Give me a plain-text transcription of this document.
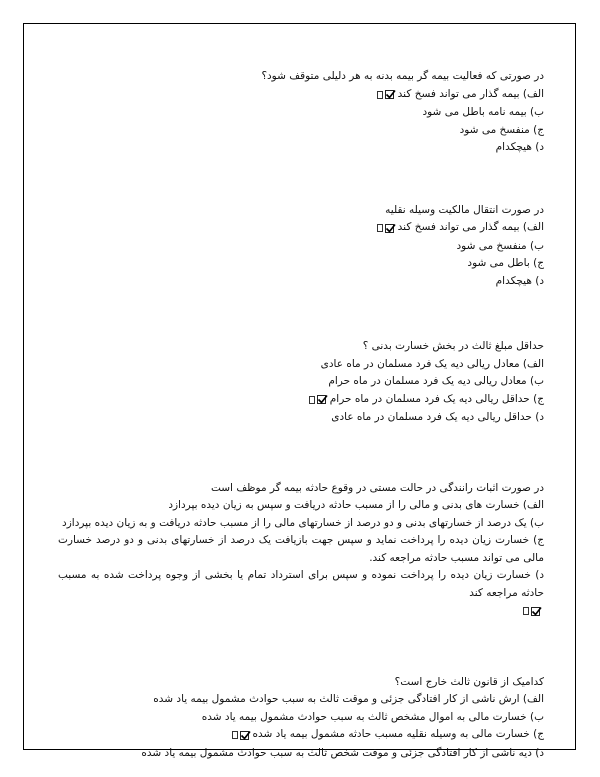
در صورتی که فعالیت بیمه گر بیمه بدنه به هر دلیلی متوقف شود؟
الف) بیمه گذار می تواند فسخ کند
ب) بیمه نامه باطل می شود
ج) منفسخ می شود
د) هیچکدام
در صورت انتقال مالکیت وسیله نقلیه
الف) بیمه گذار می تواند فسخ کند
ب) منفسخ می شود
ج) باطل می شود
د) هیچکدام
حداقل مبلغ ثالث در بخش خسارت بدنی ؟
الف) معادل ریالی دیه یک فرد مسلمان در ماه عادی
ب) معادل ریالی دیه یک فرد مسلمان در ماه حرام
ج) حداقل ریالی دیه یک فرد مسلمان در ماه حرام
د) حداقل ریالی دیه یک فرد مسلمان در ماه عادی
در صورت اثبات رانندگی در حالت مستی در وقوع حادثه بیمه گر موظف است
الف) خسارت های بدنی و مالی را از مسبب حادثه دریافت و سپس به زیان دیده بپردازد
ب) یک درصد از خسارتهای بدنی و دو درصد از خسارتهای مالی را از مسبب حادثه دریافت و به زیان دیده بپردازد
ج) خسارت زیان دیده را پرداخت نماید و سپس جهت بازیافت یک درصد از خسارتهای بدنی و دو درصد خسارت مالی می تواند مسبب حادثه مراجعه کند.
د) خسارت زیان دیده را پرداخت نموده و سپس برای استرداد تمام یا بخشی از وجوه پرداخت شده به مسبب حادثه مراجعه کند

کدامیک از قانون ثالث خارج است؟
الف) ارش ناشی از کار افتادگی جزئی و موقت ثالث به سبب حوادث مشمول بیمه یاد شده
ب) خسارت مالی به اموال مشخص ثالث به سبب حوادث مشمول بیمه یاد شده
ج) خسارت مالی به وسیله نقلیه مسبب حادثه مشمول بیمه یاد شده
د) دیه ناشی از کار افتادگی جزئی و موقت شخص ثالث به سبب حوادث مشمول بیمه یاد شده
